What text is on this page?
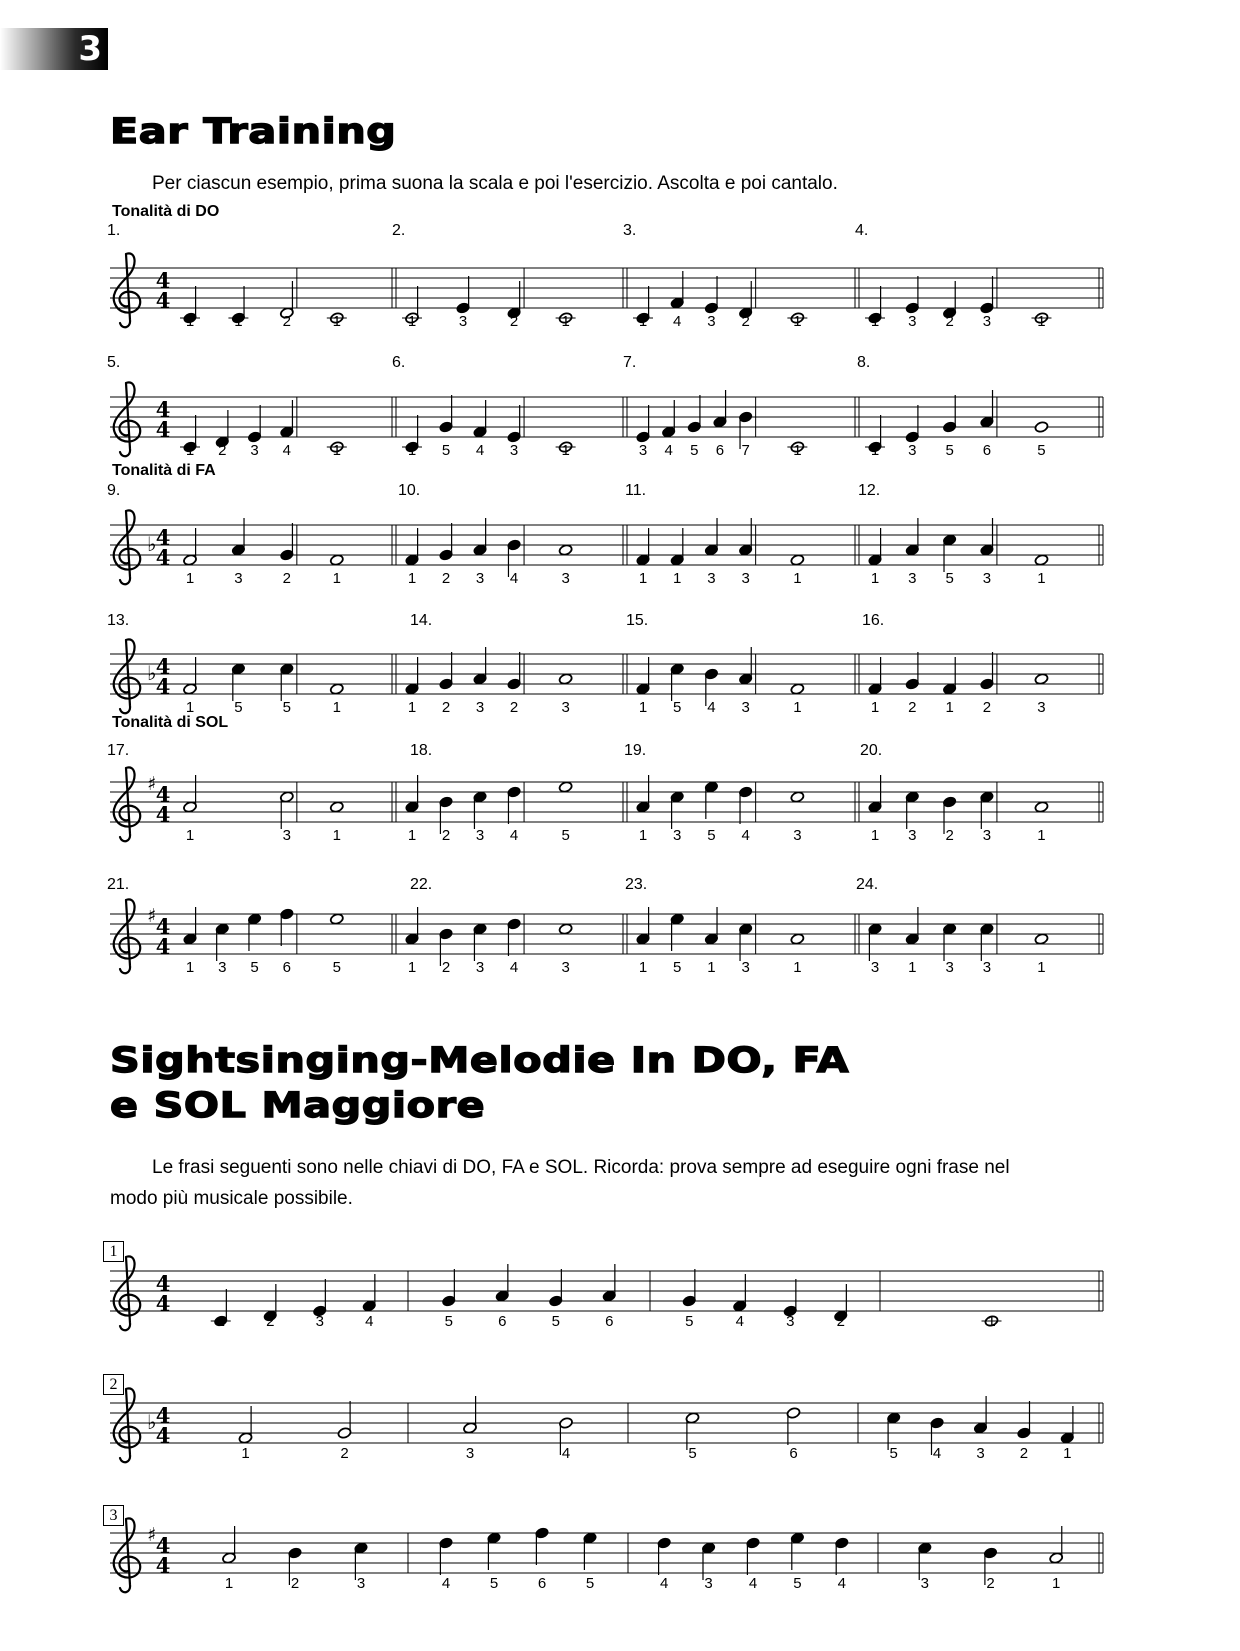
3
Ear Training
Per ciascun esempio, prima suona la scala e poi l'esercizio. Ascolta e poi cantalo.
Tonalità di DO
Tonalità di FA
Tonalità di SOL
1.	2.	3.	4.
5.	6.	7.	8.
9.	10.	11.	12.
13.	14.	15.	16.
17.	18.	19.	20.
21.	22.	23.	24.
Sightsinging-Melodie In DO, FA
e SOL Maggiore
Le frasi seguenti sono nelle chiavi di DO, FA e SOL. Ricorda: prova sempre ad eseguire ogni frase nel
modo più musicale possibile.
1
2
3
4
4
1	1	2	1	1	3	2	1	1 4 3 2	1	1 3 2 3	1
4
4
1 2 3 4	1	1 5 4 3	1	3 4 5 6 7	1	1 3 5 6	5
♭ 4
4
1	3	2	1	1 2 3 4	3	1 1 3 3	1	1 3 5 3	1
♭ 4
4
1	5	5	1	1 2 3 2	3	1 5 4 3	1	1 2 1 2	3
♯ 4
4
1	3	1	1 2 3 4	5	1 3 5 4	3	1 3 2 3	1
♯ 4
4
1 3 5 6	5	1 2 3 4	3	1 5 1 3	1	3 1 3 3	1
4
4
1	2	3	4	5	6	5	6	5	4	3	2	1
♭ 4
4
1	2	3	4	5	6	5 4 3 2 1
♯ 4
4
1	2	3	4	5	6	5	4 3 4 5 4	3	2	1
